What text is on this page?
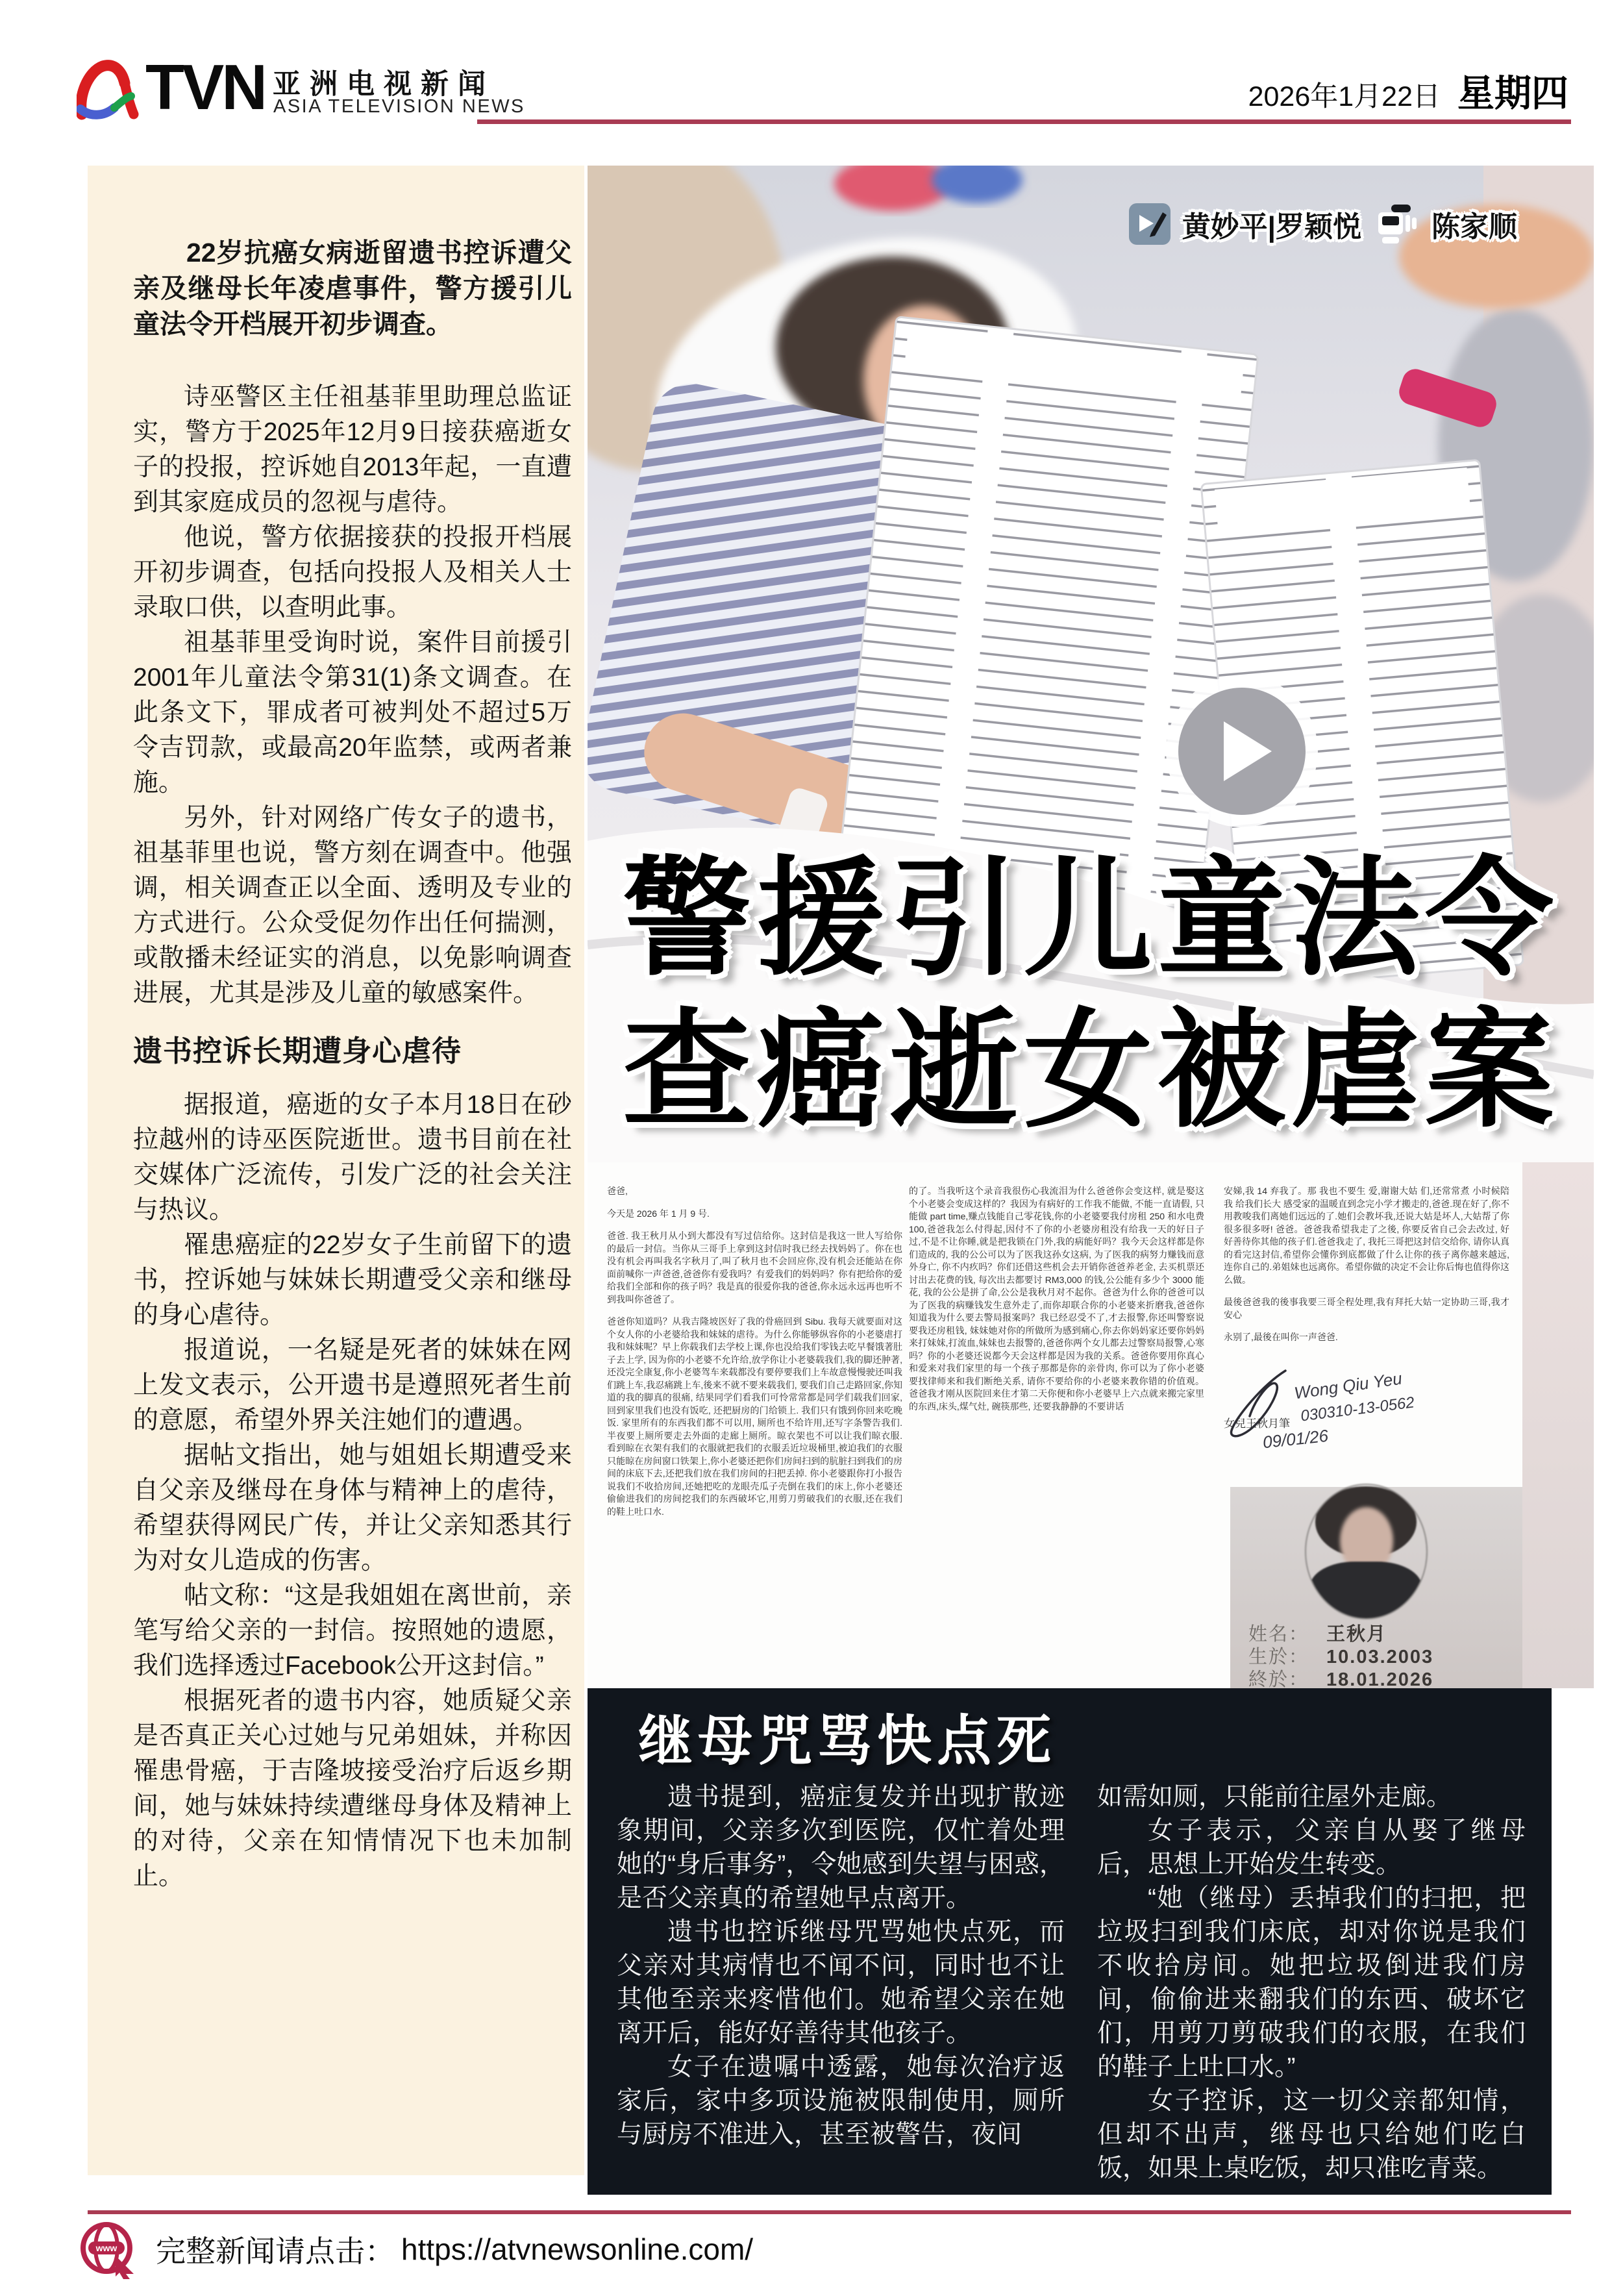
TVN 亚洲电视新闻
ASIA TELEVISION NEWS	2026年1月22日 星期四

22岁抗癌女病逝留遗书控诉遭父亲及继母长年凌虐事件，警方援引儿童法令开档展开初步调查。

诗巫警区主任祖基菲里助理总监证实，警方于2025年12月9日接获癌逝女子的投报，控诉她自2013年起，一直遭到其家庭成员的忽视与虐待。

他说，警方依据接获的投报开档展开初步调查，包括向投报人及相关人士录取口供，以查明此事。

祖基菲里受询时说，案件目前援引2001年儿童法令第31(1)条文调查。在此条文下，罪成者可被判处不超过5万令吉罚款，或最高20年监禁，或两者兼施。

另外，针对网络广传女子的遗书，祖基菲里也说，警方刻在调查中。他强调，相关调查正以全面、透明及专业的方式进行。公众受促勿作出任何揣测，或散播未经证实的消息，以免影响调查进展，尤其是涉及儿童的敏感案件。

遗书控诉长期遭身心虐待

据报道，癌逝的女子本月18日在砂拉越州的诗巫医院逝世。遗书目前在社交媒体广泛流传，引发广泛的社会关注与热议。

罹患癌症的22岁女子生前留下的遗书，控诉她与妹妹长期遭受父亲和继母的身心虐待。

报道说，一名疑是死者的妹妹在网上发文表示，公开遗书是遵照死者生前的意愿，希望外界关注她们的遭遇。

据帖文指出，她与姐姐长期遭受来自父亲及继母在身体与精神上的虐待，希望获得网民广传，并让父亲知悉其行为对女儿造成的伤害。

帖文称：“这是我姐姐在离世前，亲笔写给父亲的一封信。按照她的遗愿，我们选择透过Facebook公开这封信。”

根据死者的遗书内容，她质疑父亲是否真正关心过她与兄弟姐妹，并称因罹患骨癌，于吉隆坡接受治疗后返乡期间，她与妹妹持续遭继母身体及精神上的对待，父亲在知情情况下也未加制止。

黄妙平|罗颖悦 陈家顺
警援引儿童法令
查癌逝女被虐案

爸爸,

今天是 2026 年 1 月 9 号.

爸爸. 我王秋月从小到大都没有写过信给你。这封信是我这一世人写给你的最后一封信。当你从三哥手上拿到这封信时我已经去找妈妈了。你在也没有机会再叫我名字秋月了,叫了秋月也不会回应你,没有机会还能站在你面前喊你一声爸爸,爸爸你有爱我吗？有爱我们的妈妈吗？你有把给你的爱给我们全部和你的孩子吗？我是真的很爱你我的爸爸,你永远永远再也听不到我叫你爸爸了。

爸爸你知道吗？从我吉隆坡医好了我的骨癌回到 Sibu. 我每天就要面对这个女人你的小老婆给我和妹妹的虐待。为什么你能够纵容你的小老婆虐打我和妹妹呢？早上你载我们去学校上课,你也没给我们零钱去吃早餐饿著肚子去上学, 因为你的小老婆不允许给,放学你让小老婆载我们,我的脚还肿著,还没完全康复,你小老婆驾车来载都没有要停要我们上车故意慢慢驶还叫我们跳上车,我忍痛跳上车,後来不就不要来载我们, 要我们自己走路回家,你知道的我的脚真的很痛, 结果同学们看我们可怜常常都是同学们载我们回家,回到家里我们也没有饭吃, 还把厨房的门给锁上. 我们只有饿到你回来吃晚饭. 家里所有的东西我们都不可以用, 厕所也不给许用,还写字条警告我们. 半夜要上厕所要走去外面的走廊上厕所。晾衣架也不可以让我们晾衣服. 看到晾在衣架有我们的衣服就把我们的衣服丢近垃圾桶里,被迫我们的衣服只能晾在房间窗口铁架上,你小老婆还把你们房间扫到的肮脏扫到我们的房间的床底下去,还把我们放在我们房间的扫把丢掉. 你小老婆跟你打小报告说我们不收拾房间,还她把吃的龙眼壳瓜子壳倒在我们的床上,你小老婆还偷偷进我们的房间挖我们的东西破坏它,用剪刀剪破我们的衣服,还在我们的鞋上吐口水.

的了。当我听这个录音我很伤心我流泪为什么爸爸你会变这样, 就是娶这个小老婆会变成这样的？我因为有病好的工作我不能做, 不能一直请假, 只能做 part time,赚点钱能自己零花钱,你的小老婆要我付房租 250 和水电费 100,爸爸我怎么付得起,因付不了你的小老婆房租没有给我一天的好日子过,不是不让你睡,就是把我锁在门外,我的病能好吗？我今天会这样都是你们造成的, 我的公公可以为了医我这孙女这病, 为了医我的病努力赚钱而意外身亡, 你不内疚吗？你们还借这些机会去开销你爸爸养老金, 去买机票还讨出去花费的钱, 每次出去都要讨 RM3,000 的钱,公公能有多少个 3000 能花, 我的公公是拼了命,公公是我秋月对不起你。爸爸为什么你的爸爸可以为了医我的病赚钱发生意外走了,而你却联合你的小老婆来折磨我,爸爸你知道我为什么要去警局报案吗？我已经忍受不了,才去报警,你还叫警察说要我还房租钱, 妹妹她对你的所做所为感到痛心,你去你妈妈家还要你妈妈来打妹妹,打流血,妹妹也去报警的,爸爸你两个女儿都去过警察局报警,心寒吗？你的小老婆还说都今天会这样都是因为我的关系。爸爸你要用你真心和爱来对我们家里的每一个孩子那都是你的亲骨肉, 你可以为了你小老婆要找律师来和我们断绝关系, 请你不要给你的小老婆来教你错的价值观。爸爸我才刚从医院回来住才第二天你便和你小老婆早上六点就来搬完家里的东西,床头,煤气灶, 碗筷那些, 还要我静静的不要讲话

安娣,我 14 弃我了。那 我也不要生 爱,谢谢大姑 们,还常常煮 小时候陪我 给我们长大 感受家的温暖直到念完小学才搬走的,爸爸.现在好了,你不用教唆我们离她们远远的了.她们会教坏我,还说大姑是坏人,大姑帮了你很多很多呀! 爸爸。爸爸我希望我走了之後, 你要反省自己会去改过, 好好善待你其他的孩子们.爸爸我走了, 我托三哥把这封信交给你, 请你认真的看完这封信,希望你会懂你到底都做了什么让你的孩子离你越来越远, 连你自己的.弟姐妹也远离你。希望你做的决定不会让你后悔也值得你这么做。

最後爸爸我的後事我要三哥全程处理,我有拜托大姑一定协助三哥,我才安心

永别了,最後在叫你一声爸爸.

Wong Qiu Yeu
030310-13-0562
09/01/26
女兒王秋月筆
姓名： 王秋月
生於： 10.03.2003
終於： 18.01.2026
继母咒骂快点死

遗书提到，癌症复发并出现扩散迹象期间，父亲多次到医院，仅忙着处理她的“身后事务”，令她感到失望与困惑，是否父亲真的希望她早点离开。

遗书也控诉继母咒骂她快点死，而父亲对其病情也不闻不问，同时也不让其他至亲来疼惜他们。她希望父亲在她离开后，能好好善待其他孩子。

女子在遗嘱中透露，她每次治疗返家后，家中多项设施被限制使用，厕所与厨房不准进入，甚至被警告，夜间

如需如厕，只能前往屋外走廊。

女子表示，父亲自从娶了继母后，思想上开始发生转变。

“她（继母）丢掉我们的扫把，把垃圾扫到我们床底，却对你说是我们不收拾房间。她把垃圾倒进我们房间，偷偷进来翻我们的东西、破坏它们，用剪刀剪破我们的衣服，在我们的鞋子上吐口水。”

女子控诉，这一切父亲都知情，但却不出声，继母也只给她们吃白饭，如果上桌吃饭，却只准吃青菜。

www 完整新闻请点击： https://atvnewsonline.com/
